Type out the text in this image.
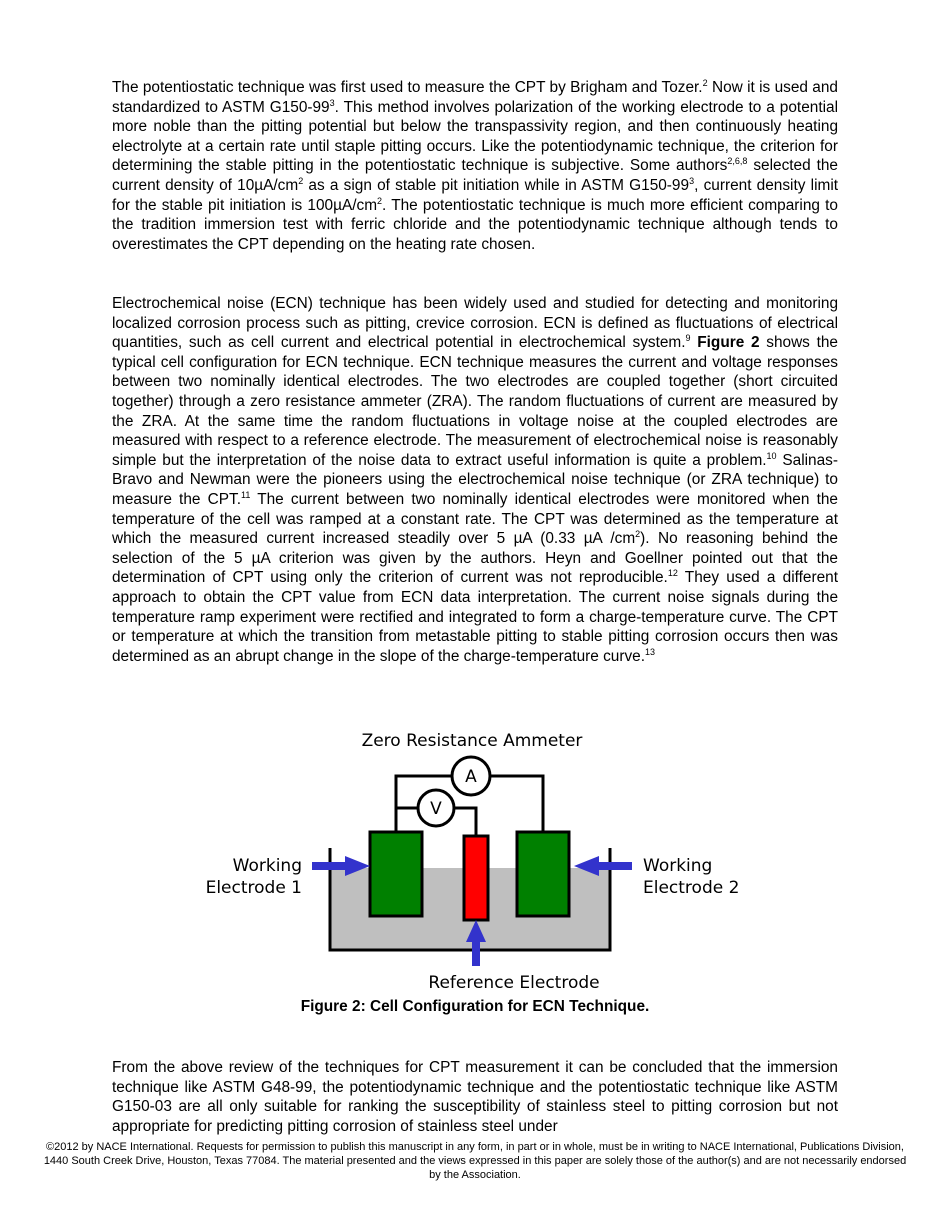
The potentiostatic technique was first used to measure the CPT by Brigham and Tozer.$^2$ Now it is used and standardized to ASTM $G150-99^3$. This method involves polarization of the working electrode to a potential more noble than the pitting potential but below the transpassivity region, and then continuously heating electrolyte at a certain rate until staple pitting occurs. Like the potentiodynamic technique, the criterion for determining the stable pitting in the potentiostatic technique is subjective. Some authors$^{2,6,8}$ selected the current density of $10\mu A/cm^2$ as a sign of stable pit initiation while in ASTM $G150-99^3$, current density limit for the stable pit initiation is $100\mu A/cm^2$. The potentiostatic technique is much more efficient comparing to the tradition immersion test with ferric chloride and the potentiodynamic technique although tends to overestimates the CPT depending on the heating rate chosen.

Electrochemical noise (ECN) technique has been widely used and studied for detecting and monitoring localized corrosion process such as pitting, crevice corrosion. ECN is defined as fluctuations of electrical quantities, such as cell current and electrical potential in electrochemical system.$^9$ Figure 2 shows the typical cell configuration for ECN technique. ECN technique measures the current and voltage responses between two nominally identical electrodes. The two electrodes are coupled together (short circuited together) through a zero resistance ammeter (ZRA). The random fluctuations of current are measured by the ZRA. At the same time the random fluctuations in voltage noise at the coupled electrodes are measured with respect to a reference electrode. The measurement of electrochemical noise is reasonably simple but the interpretation of the noise data to extract useful information is quite a problem.$^{10}$ Salinas-Bravo and Newman were the pioneers using the electrochemical noise technique (or ZRA technique) to measure the CPT.$^{11}$ The current between two nominally identical electrodes were monitored when the temperature of the cell was ramped at a constant rate. The CPT was determined as the temperature at which the measured current increased steadily over 5 µA (0.33 µA $/cm^2$). No reasoning behind the selection of the 5 µA criterion was given by the authors. Heyn and Goellner pointed out that the determination of CPT using only the criterion of current was not reproducible.$^{12}$ They used a different approach to obtain the CPT value from ECN data interpretation. The current noise signals during the temperature ramp experiment were rectified and integrated to form a charge-temperature curve. The CPT or temperature at which the transition from metastable pitting to stable pitting corrosion occurs then was determined as an abrupt change in the slope of the charge-temperature curve.$^{13}$

Zero Resistance Ammeter
A
V
Working
Electrode 1
Working
Electrode 2
Reference Electrode
Figure 2: Cell Configuration for ECN Technique.

From the above review of the techniques for CPT measurement it can be concluded that the immersion technique like ASTM G48-99, the potentiodynamic technique and the potentiostatic technique like ASTM G150-03 are all only suitable for ranking the susceptibility of stainless steel to pitting corrosion but not appropriate for predicting pitting corrosion of stainless steel under

©2012 by NACE International. Requests for permission to publish this manuscript in any form, in part or in whole, must be in writing to NACE International, Publications Division, 1440 South Creek Drive, Houston, Texas 77084. The material presented and the views expressed in this paper are solely those of the author(s) and are not necessarily endorsed by the Association.
